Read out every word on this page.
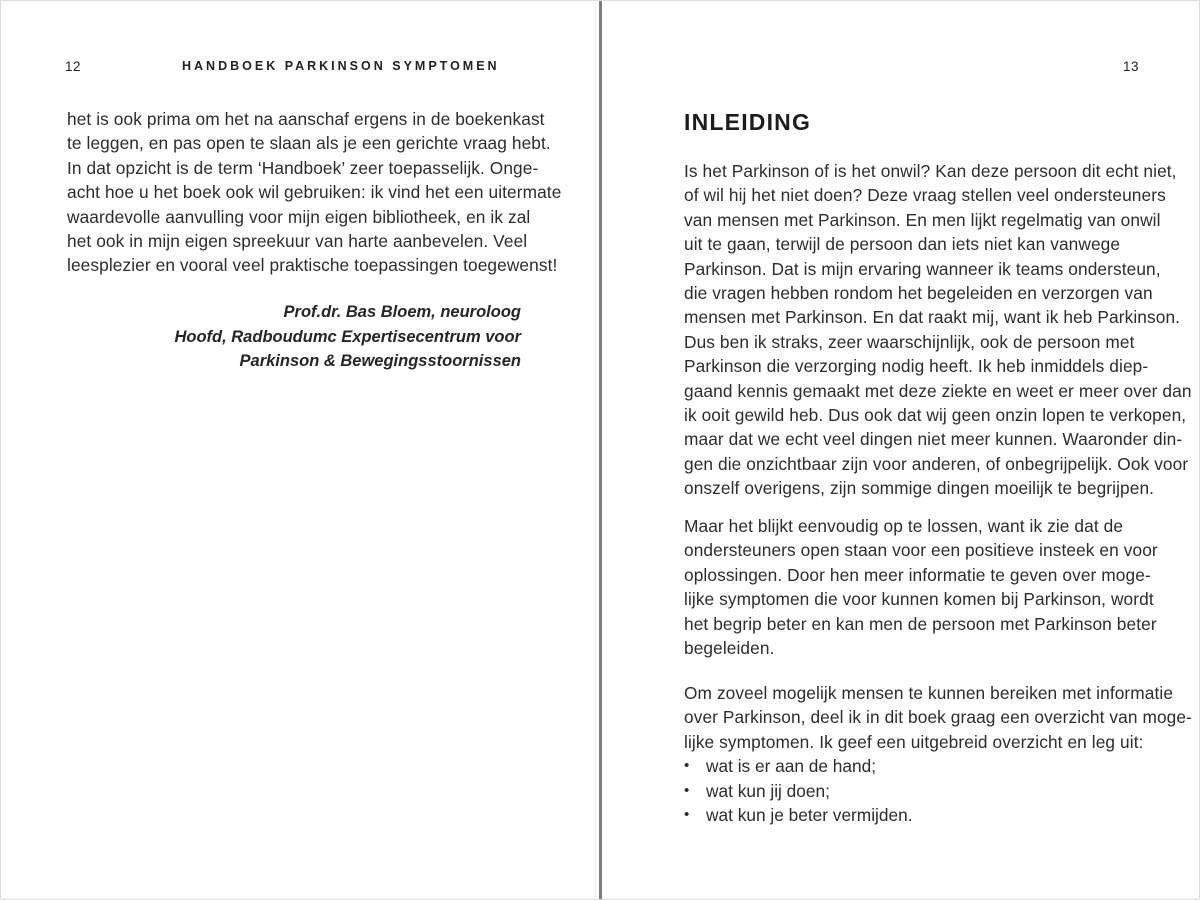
12	HANDBOEK PARKINSON SYMPTOMEN
het is ook prima om het na aanschaf ergens in de boekenkast
te leggen, en pas open te slaan als je een gerichte vraag hebt.
In dat opzicht is de term ‘Handboek’ zeer toepasselijk. Onge-
acht hoe u het boek ook wil gebruiken: ik vind het een uitermate
waardevolle aanvulling voor mijn eigen bibliotheek, en ik zal
het ook in mijn eigen spreekuur van harte aanbevelen. Veel
leesplezier en vooral veel praktische toepassingen toegewenst!
Prof.dr. Bas Bloem, neuroloog
Hoofd, Radboudumc Expertisecentrum voor
Parkinson & Bewegingsstoornissen
13
INLEIDING
Is het Parkinson of is het onwil? Kan deze persoon dit echt niet,
of wil hij het niet doen? Deze vraag stellen veel ondersteuners
van mensen met Parkinson. En men lijkt regelmatig van onwil
uit te gaan, terwijl de persoon dan iets niet kan vanwege
Parkinson. Dat is mijn ervaring wanneer ik teams ondersteun,
die vragen hebben rondom het begeleiden en verzorgen van
mensen met Parkinson. En dat raakt mij, want ik heb Parkinson.
Dus ben ik straks, zeer waarschijnlijk, ook de persoon met
Parkinson die verzorging nodig heeft. Ik heb inmiddels diep-
gaand kennis gemaakt met deze ziekte en weet er meer over dan
ik ooit gewild heb. Dus ook dat wij geen onzin lopen te verkopen,
maar dat we echt veel dingen niet meer kunnen. Waaronder din-
gen die onzichtbaar zijn voor anderen, of onbegrijpelijk. Ook voor
onszelf overigens, zijn sommige dingen moeilijk te begrijpen.
Maar het blijkt eenvoudig op te lossen, want ik zie dat de
ondersteuners open staan voor een positieve insteek en voor
oplossingen. Door hen meer informatie te geven over moge-
lijke symptomen die voor kunnen komen bij Parkinson, wordt
het begrip beter en kan men de persoon met Parkinson beter
begeleiden.
Om zoveel mogelijk mensen te kunnen bereiken met informatie
over Parkinson, deel ik in dit boek graag een overzicht van moge-
lijke symptomen. Ik geef een uitgebreid overzicht en leg uit:
• wat is er aan de hand;
• wat kun jij doen;
• wat kun je beter vermijden.
